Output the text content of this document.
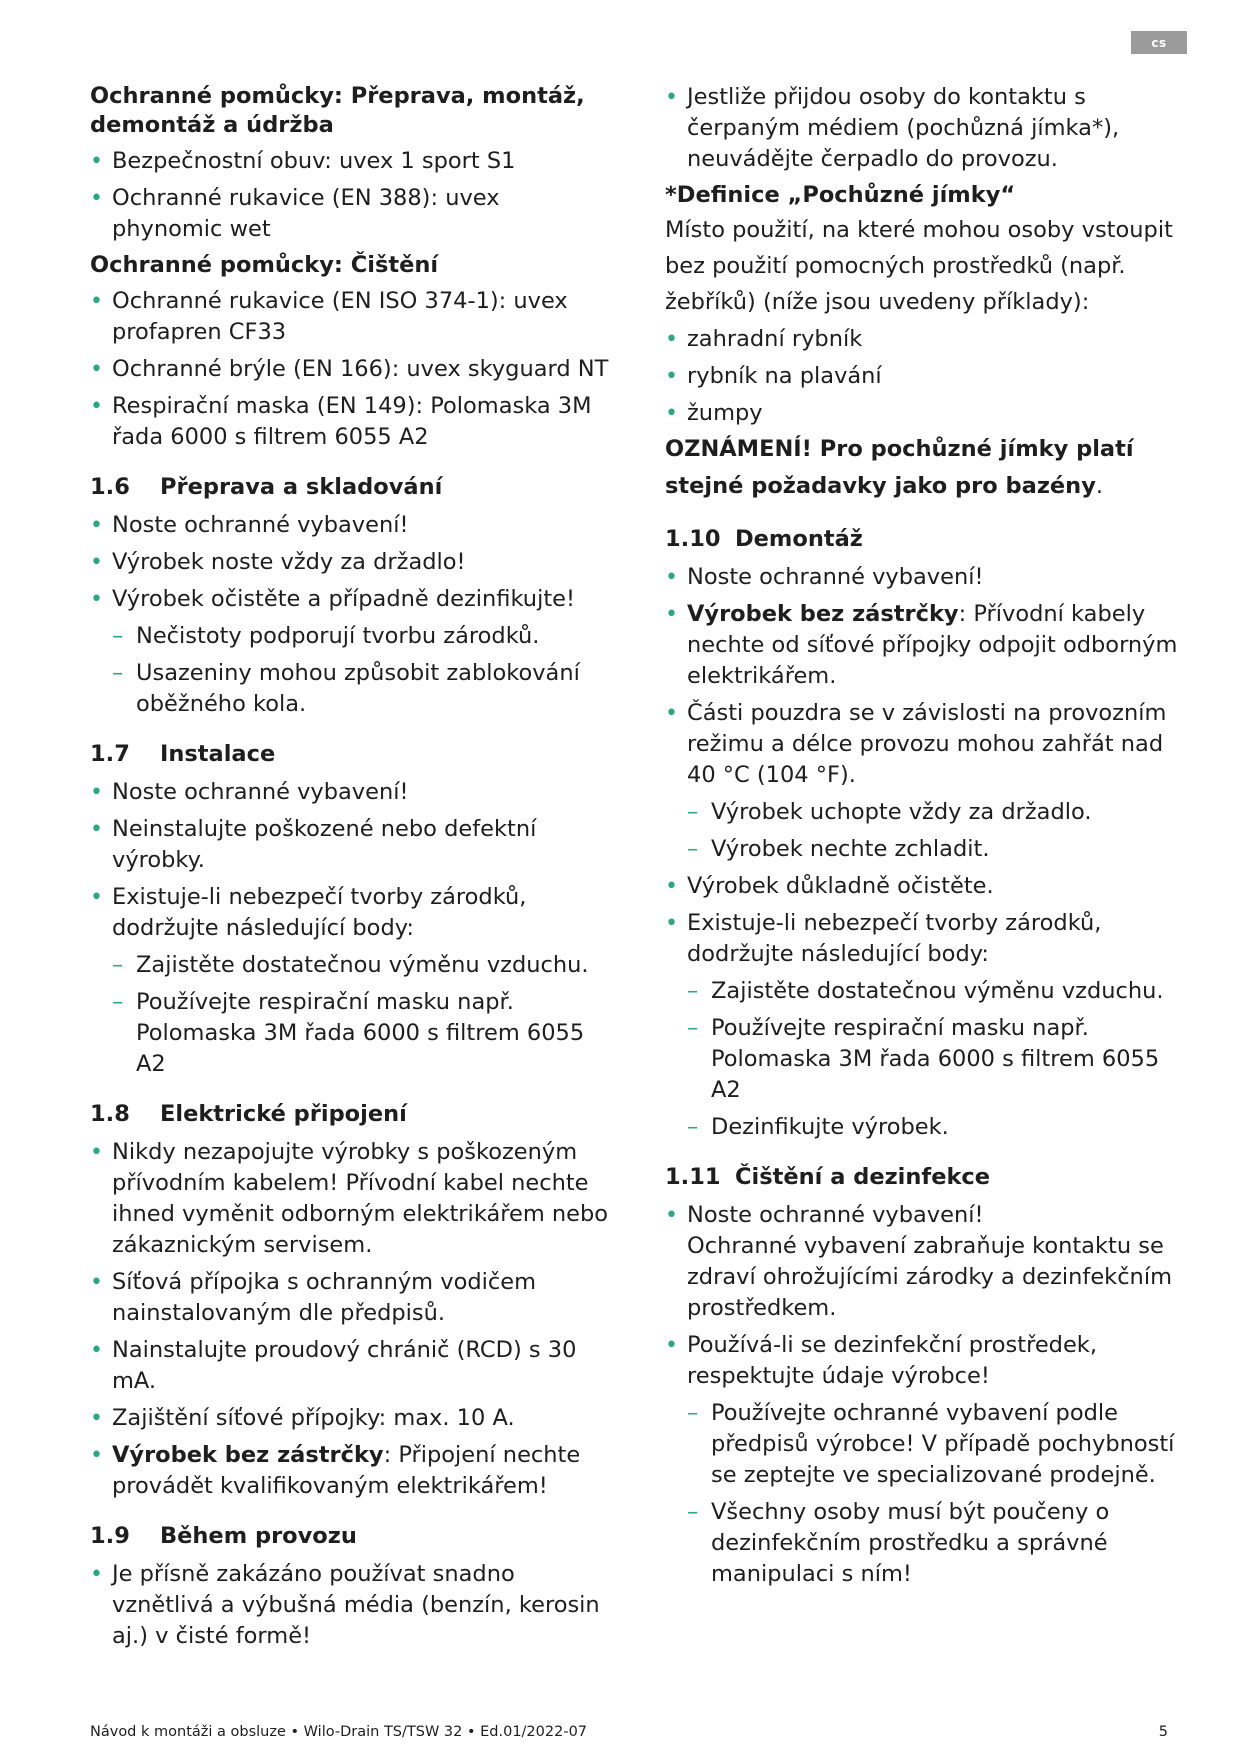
cs
Ochranné pomůcky: Přeprava, montáž, demontáž a údržba
• Bezpečnostní obuv: uvex 1 sport S1
• Ochranné rukavice (EN 388): uvex phynomic wet
Ochranné pomůcky: Čištění
• Ochranné rukavice (EN ISO 374-1): uvex profapren CF33
• Ochranné brýle (EN 166): uvex skyguard NT
• Respirační maska (EN 149): Polomaska 3M řada 6000 s filtrem 6055 A2
1.6 Přeprava a skladování
• Noste ochranné vybavení!
• Výrobek noste vždy za držadlo!
• Výrobek očistěte a případně dezinfikujte!
– Nečistoty podporují tvorbu zárodků.
– Usazeniny mohou způsobit zablokování oběžného kola.
1.7 Instalace
• Noste ochranné vybavení!
• Neinstalujte poškozené nebo defektní výrobky.
• Existuje-li nebezpečí tvorby zárodků, dodržujte následující body:
– Zajistěte dostatečnou výměnu vzduchu.
– Používejte respirační masku např. Polomaska 3M řada 6000 s filtrem 6055 A2
1.8 Elektrické připojení
• Nikdy nezapojujte výrobky s poškozeným přívodním kabelem! Přívodní kabel nechte ihned vyměnit odborným elektrikářem nebo zákaznickým servisem.
• Síťová přípojka s ochranným vodičem nainstalovaným dle předpisů.
• Nainstalujte proudový chránič (RCD) s 30 mA.
• Zajištění síťové přípojky: max. 10 A.
• Výrobek bez zástrčky: Připojení nechte provádět kvalifikovaným elektrikářem!
1.9 Během provozu
• Je přísně zakázáno používat snadno vznětlivá a výbušná média (benzín, kerosin aj.) v čisté formě!
• Jestliže přijdou osoby do kontaktu s čerpaným médiem (pochůzná jímka*), neuvádějte čerpadlo do provozu.
*Definice „Pochůzné jímky“

Místo použití, na které mohou osoby vstoupit bez použití pomocných prostředků (např. žebříků) (níže jsou uvedeny příklady):

• zahradní rybník
• rybník na plavání
• žumpy
OZNÁMENÍ! Pro pochůzné jímky platí stejné požadavky jako pro bazény.
1.10 Demontáž
• Noste ochranné vybavení!
• Výrobek bez zástrčky: Přívodní kabely nechte od síťové přípojky odpojit odborným elektrikářem.
• Části pouzdra se v závislosti na provozním režimu a délce provozu mohou zahřát nad 40 °C (104 °F).
– Výrobek uchopte vždy za držadlo.
– Výrobek nechte zchladit.
• Výrobek důkladně očistěte.
• Existuje-li nebezpečí tvorby zárodků, dodržujte následující body:
– Zajistěte dostatečnou výměnu vzduchu.
– Používejte respirační masku např. Polomaska 3M řada 6000 s filtrem 6055 A2
– Dezinfikujte výrobek.
1.11 Čištění a dezinfekce
• Noste ochranné vybavení!
Ochranné vybavení zabraňuje kontaktu se zdraví ohrožujícími zárodky a dezinfekčním prostředkem.
• Používá-li se dezinfekční prostředek, respektujte údaje výrobce!
– Používejte ochranné vybavení podle předpisů výrobce! V případě pochybností se zeptejte ve specializované prodejně.
– Všechny osoby musí být poučeny o dezinfekčním prostředku a správné manipulaci s ním!
Návod k montáži a obsluze • Wilo-Drain TS/TSW 32 • Ed.01/2022-07	5
